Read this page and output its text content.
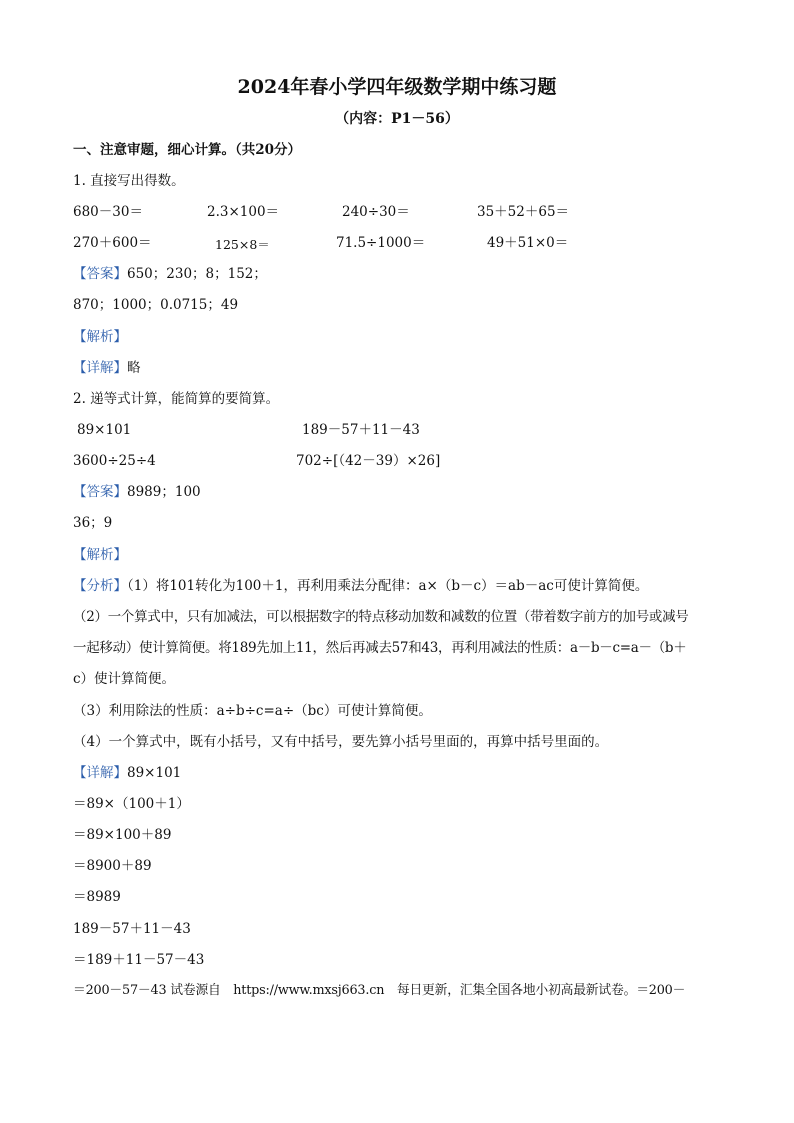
2024年春小学四年级数学期中练习题
（内容：P1－56）
一、注意审题，细心计算。（共20分）
1. 直接写出得数。
680－30＝	2.3×100＝	240÷30＝	35＋52＋65＝
270＋600＝	125×8＝	71.5÷1000＝	49＋51×0＝
【答案】650；230；8；152；
870；1000；0.0715；49
【解析】
【详解】略
2. 递等式计算，能简算的要简算。
89×101	189－57＋11－43
3600÷25÷4	702÷[（42－39）×26]
【答案】8989；100
36；9
【解析】
【分析】（1）将101转化为100＋1，再利用乘法分配律：a×（b－c）＝ab－ac可使计算简便。
（2）一个算式中，只有加减法，可以根据数字的特点移动加数和减数的位置（带着数字前方的加号或减号
一起移动）使计算简便。将189先加上11，然后再减去57和43，再利用减法的性质：a－b－c=a－（b＋
c）使计算简便。
（3）利用除法的性质：a÷b÷c=a÷（bc）可使计算简便。
（4）一个算式中，既有小括号，又有中括号，要先算小括号里面的，再算中括号里面的。
【详解】89×101
＝89×（100＋1）
＝89×100＋89
＝8900＋89
＝8989
189－57＋11－43
＝189＋11－57－43
＝200－57－43 试卷源自　https://www.mxsj663.cn　每日更新，汇集全国各地小初高最新试卷。＝200－
